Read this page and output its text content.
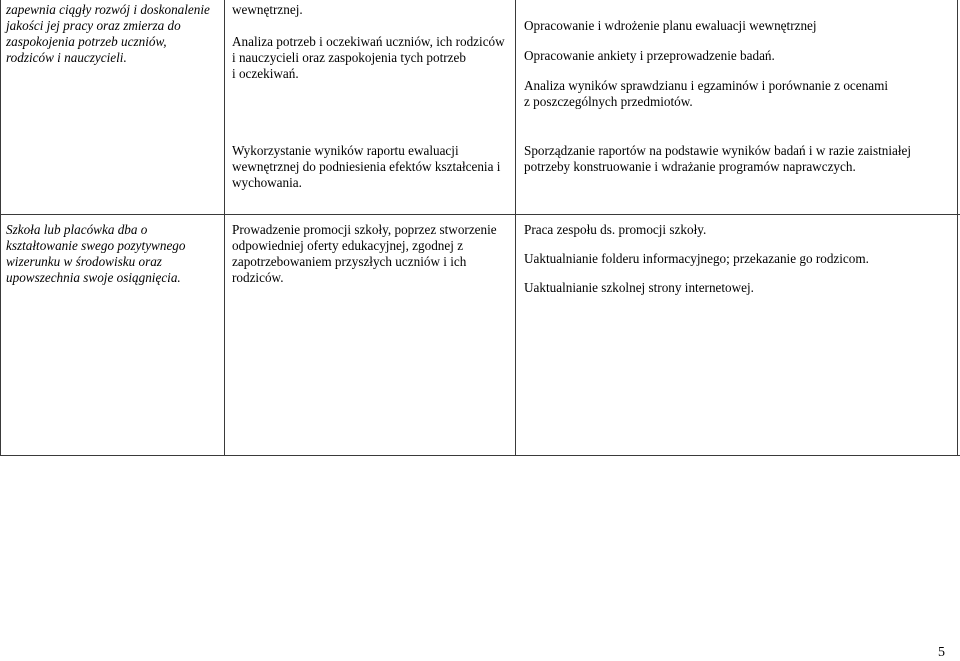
zapewnia ciągły rozwój i doskonalenie

jakości jej pracy oraz zmierza do

zaspokojenia potrzeb uczniów,

rodziców i nauczycieli.

wewnętrznej.

Analiza potrzeb i oczekiwań uczniów, ich rodziców

i nauczycieli oraz zaspokojenia tych potrzeb

i oczekiwań.

Opracowanie i wdrożenie planu ewaluacji wewnętrznej

Opracowanie ankiety i przeprowadzenie badań.

Analiza wyników sprawdzianu i egzaminów i porównanie z ocenami

z poszczególnych przedmiotów.

Wykorzystanie wyników raportu ewaluacji

wewnętrznej do podniesienia efektów kształcenia i

wychowania.

Sporządzanie raportów na podstawie wyników badań i w razie zaistniałej

potrzeby konstruowanie i wdrażanie programów naprawczych.

Szkoła lub placówka dba o

kształtowanie swego pozytywnego

wizerunku w środowisku oraz

upowszechnia swoje osiągnięcia.

Prowadzenie promocji szkoły, poprzez stworzenie

odpowiedniej oferty edukacyjnej, zgodnej z

zapotrzebowaniem przyszłych uczniów i ich

rodziców.

Praca zespołu ds. promocji szkoły.

Uaktualnianie folderu informacyjnego; przekazanie go rodzicom.

Uaktualnianie szkolnej strony internetowej.

5
